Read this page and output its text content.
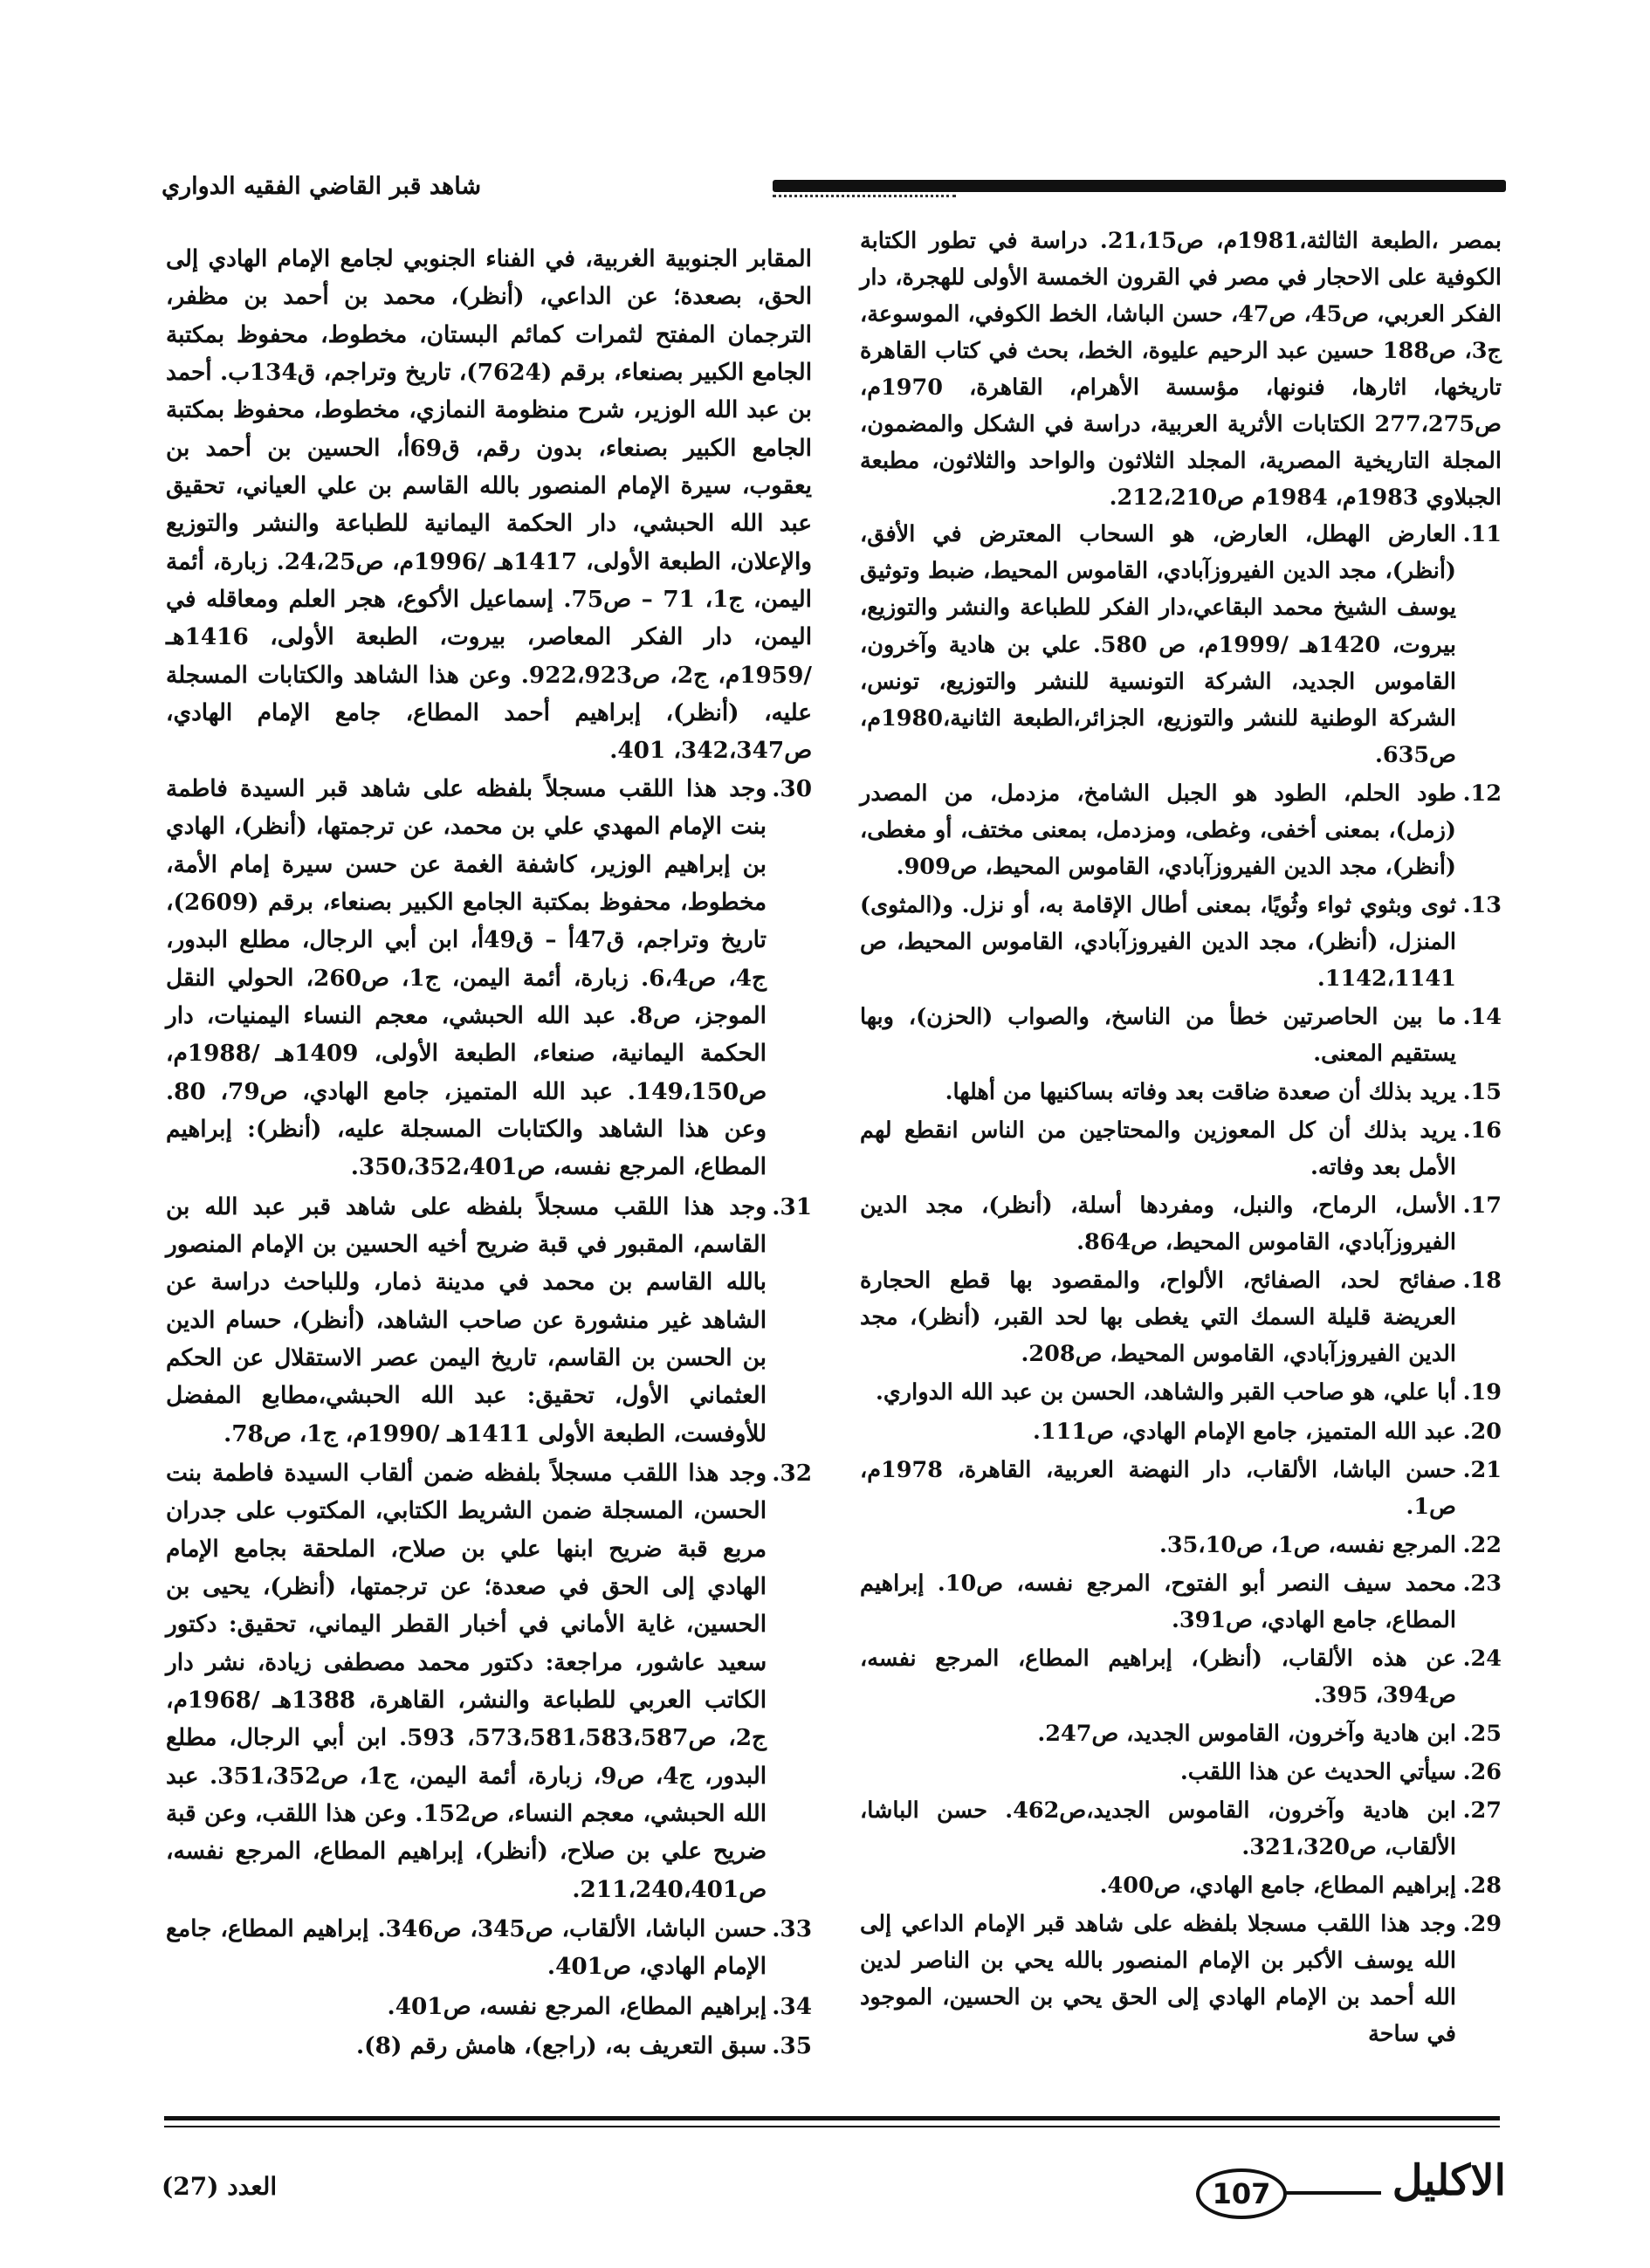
شاهد قبر القاضي الفقيه الدواري

بمصر ،الطبعة الثالثة،1981م، ص21،15. دراسة في تطور الكتابة الكوفية على الاحجار في مصر في القرون الخمسة الأولى للهجرة، دار الفكر العربي، ص45، ص47، حسن الباشا، الخط الكوفي، الموسوعة، ج3، ص188 حسين عبد الرحيم عليوة، الخط، بحث في كتاب القاهرة تاريخها، اثارها، فنونها، مؤسسة الأهرام، القاهرة، 1970م، ص277،275 الكتابات الأثرية العربية، دراسة في الشكل والمضمون، المجلة التاريخية المصرية، المجلد الثلاثون والواحد والثلاثون، مطبعة الجبلاوي 1983م، 1984م ص212،210.

11.
العارض الهطل، العارض، هو السحاب المعترض في الأفق، (أنظر)، مجد الدين الفيروزآبادي، القاموس المحيط، ضبط وتوثيق يوسف الشيخ محمد البقاعي،دار الفكر للطباعة والنشر والتوزيع، بيروت، 1420هـ /1999م، ص 580. علي بن هادية وآخرون، القاموس الجديد، الشركة التونسية للنشر والتوزيع، تونس، الشركة الوطنية للنشر والتوزيع، الجزائر،الطبعة الثانية،1980م، ص635.
12.
طود الحلم، الطود هو الجبل الشامخ، مزدمل، من المصدر (زمل)، بمعنى أخفى، وغطى، ومزدمل، بمعنى مختف، أو مغطى، (أنظر)، مجد الدين الفيروزآبادي، القاموس المحيط، ص909.
13.
ثوى وبثوي ثواء وثُويًا، بمعنى أطال الإقامة به، أو نزل. و(المثوى) المنزل، (أنظر)، مجد الدين الفيروزآبادي، القاموس المحيط، ص 1142،1141.
14.
ما بين الحاصرتين خطأ من الناسخ، والصواب (الحزن)، وبها يستقيم المعنى.
15.
يريد بذلك أن صعدة ضاقت بعد وفاته بساكنيها من أهلها.
16.
يريد بذلك أن كل المعوزين والمحتاجين من الناس انقطع لهم الأمل بعد وفاته.
17.
الأسل، الرماح، والنبل، ومفردها أسلة، (أنظر)، مجد الدين الفيروزآبادي، القاموس المحيط، ص864.
18.
صفائح لحد، الصفائح، الألواح، والمقصود بها قطع الحجارة العريضة قليلة السمك التي يغطى بها لحد القبر، (أنظر)، مجد الدين الفيروزآبادي، القاموس المحيط، ص208.
19.
أبا علي، هو صاحب القبر والشاهد، الحسن بن عبد الله الدواري.
20.
عبد الله المتميز، جامع الإمام الهادي، ص111.
21.
حسن الباشا، الألقاب، دار النهضة العربية، القاهرة، 1978م، ص1.
22.
المرجع نفسه، ص1، ص35،10.
23.
محمد سيف النصر أبو الفتوح، المرجع نفسه، ص10. إبراهيم المطاع، جامع الهادي، ص391.
24.
عن هذه الألقاب، (أنظر)، إبراهيم المطاع، المرجع نفسه، ص394، 395.
25.
ابن هادية وآخرون، القاموس الجديد، ص247.
26.
سيأتي الحديث عن هذا اللقب.
27.
ابن هادية وآخرون، القاموس الجديد،ص462. حسن الباشا، الألقاب، ص321،320.
28.
إبراهيم المطاع، جامع الهادي، ص400.
29.
وجد هذا اللقب مسجلا بلفظه على شاهد قبر الإمام الداعي إلى الله يوسف الأكبر بن الإمام المنصور بالله يحي بن الناصر لدين الله أحمد بن الإمام الهادي إلى الحق يحي بن الحسين، الموجود في ساحة

المقابر الجنوبية الغربية، في الفناء الجنوبي لجامع الإمام الهادي إلى الحق، بصعدة؛ عن الداعي، (أنظر)، محمد بن أحمد بن مظفر، الترجمان المفتح لثمرات كمائم البستان، مخطوط، محفوظ بمكتبة الجامع الكبير بصنعاء، برقم (7624)، تاريخ وتراجم، ق134ب. أحمد بن عبد الله الوزير، شرح منظومة النمازي، مخطوط، محفوظ بمكتبة الجامع الكبير بصنعاء، بدون رقم، ق69أ، الحسين بن أحمد بن يعقوب، سيرة الإمام المنصور بالله القاسم بن علي العياني، تحقيق عبد الله الحبشي، دار الحكمة اليمانية للطباعة والنشر والتوزيع والإعلان، الطبعة الأولى، 1417هـ /1996م، ص24،25. زبارة، أئمة اليمن، ج1، 71 – ص75. إسماعيل الأكوع، هجر العلم ومعاقله في اليمن، دار الفكر المعاصر، بيروت، الطبعة الأولى، 1416هـ /1959م، ج2، ص922،923. وعن هذا الشاهد والكتابات المسجلة عليه، (أنظر)، إبراهيم أحمد المطاع، جامع الإمام الهادي، ص342،347، 401.

30.
وجد هذا اللقب مسجلاً بلفظه على شاهد قبر السيدة فاطمة بنت الإمام المهدي علي بن محمد، عن ترجمتها، (أنظر)، الهادي بن إبراهيم الوزير، كاشفة الغمة عن حسن سيرة إمام الأمة، مخطوط، محفوظ بمكتبة الجامع الكبير بصنعاء، برقم (2609)، تاريخ وتراجم، ق47أ – ق49أ، ابن أبي الرجال، مطلع البدور، ج4، ص6،4. زبارة، أئمة اليمن، ج1، ص260، الحولي النقل الموجز، ص8. عبد الله الحبشي، معجم النساء اليمنيات، دار الحكمة اليمانية، صنعاء، الطبعة الأولى، 1409هـ /1988م، ص149،150. عبد الله المتميز، جامع الهادي، ص79، 80. وعن هذا الشاهد والكتابات المسجلة عليه، (أنظر): إبراهيم المطاع، المرجع نفسه، ص350،352،401.
31.
وجد هذا اللقب مسجلاً بلفظه على شاهد قبر عبد الله بن القاسم، المقبور في قبة ضريح أخيه الحسين بن الإمام المنصور بالله القاسم بن محمد في مدينة ذمار، وللباحث دراسة عن الشاهد غير منشورة عن صاحب الشاهد، (أنظر)، حسام الدين بن الحسن بن القاسم، تاريخ اليمن عصر الاستقلال عن الحكم العثماني الأول، تحقيق: عبد الله الحبشي،مطابع المفضل للأوفست، الطبعة الأولى 1411هـ /1990م، ج1، ص78.
32.
وجد هذا اللقب مسجلاً بلفظه ضمن ألقاب السيدة فاطمة بنت الحسن، المسجلة ضمن الشريط الكتابي، المكتوب على جدران مربع قبة ضريح ابنها علي بن صلاح، الملحقة بجامع الإمام الهادي إلى الحق في صعدة؛ عن ترجمتها، (أنظر)، يحيى بن الحسين، غاية الأماني في أخبار القطر اليماني، تحقيق: دكتور سعيد عاشور، مراجعة: دكتور محمد مصطفى زيادة، نشر دار الكاتب العربي للطباعة والنشر، القاهرة، 1388هـ /1968م، ج2، ص573،581،583،587، 593. ابن أبي الرجال، مطلع البدور، ج4، ص9، زبارة، أئمة اليمن، ج1، ص351،352. عبد الله الحبشي، معجم النساء، ص152. وعن هذا اللقب، وعن قبة ضريح علي بن صلاح، (أنظر)، إبراهيم المطاع، المرجع نفسه، ص211،240،401.
33.
حسن الباشا، الألقاب، ص345، ص346. إبراهيم المطاع، جامع الإمام الهادي، ص401.
34.
إبراهيم المطاع، المرجع نفسه، ص401.
35.
سبق التعريف به، (راجع)، هامش رقم (8).
الاكليل
107
العدد (27)
